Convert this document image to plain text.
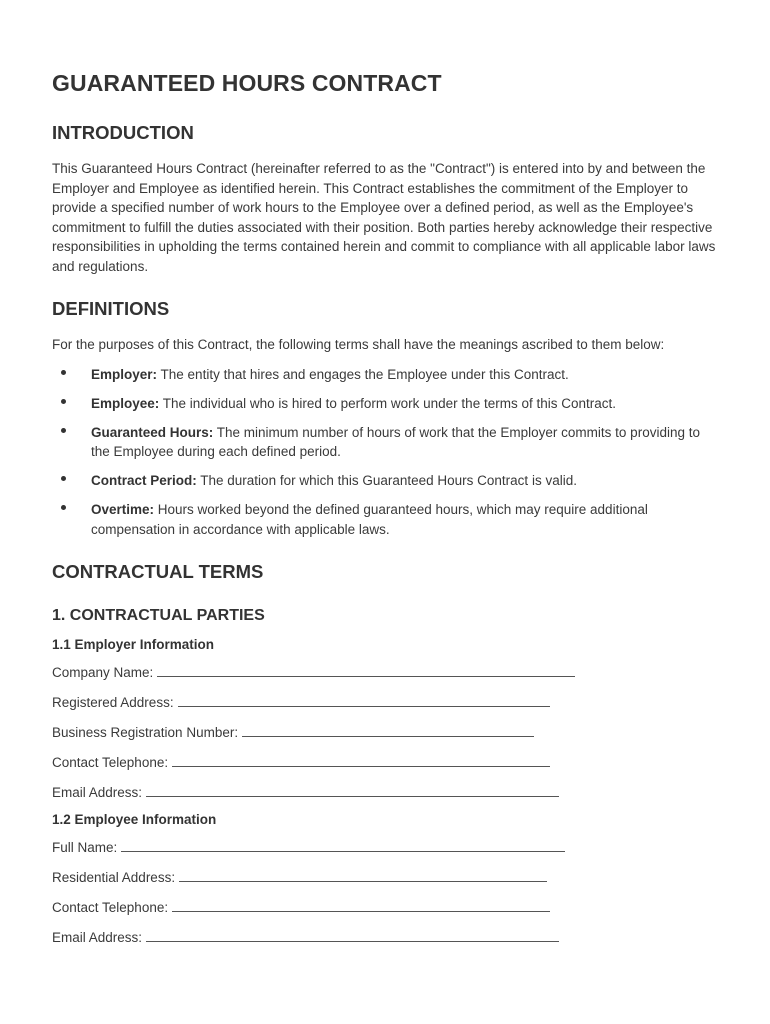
GUARANTEED HOURS CONTRACT
INTRODUCTION

This Guaranteed Hours Contract (hereinafter referred to as the "Contract") is entered into by and between the Employer and Employee as identified herein. This Contract establishes the commitment of the Employer to provide a specified number of work hours to the Employee over a defined period, as well as the Employee's commitment to fulfill the duties associated with their position. Both parties hereby acknowledge their respective responsibilities in upholding the terms contained herein and commit to compliance with all applicable labor laws and regulations.

DEFINITIONS

For the purposes of this Contract, the following terms shall have the meanings ascribed to them below:

Employer: The entity that hires and engages the Employee under this Contract.
Employee: The individual who is hired to perform work under the terms of this Contract.
Guaranteed Hours: The minimum number of hours of work that the Employer commits to providing to the Employee during each defined period.
Contract Period: The duration for which this Guaranteed Hours Contract is valid.
Overtime: Hours worked beyond the defined guaranteed hours, which may require additional compensation in accordance with applicable laws.
CONTRACTUAL TERMS
1. CONTRACTUAL PARTIES
1.1 Employer Information
Company Name:
Registered Address:
Business Registration Number:
Contact Telephone:
Email Address:
1.2 Employee Information
Full Name:
Residential Address:
Contact Telephone:
Email Address:
